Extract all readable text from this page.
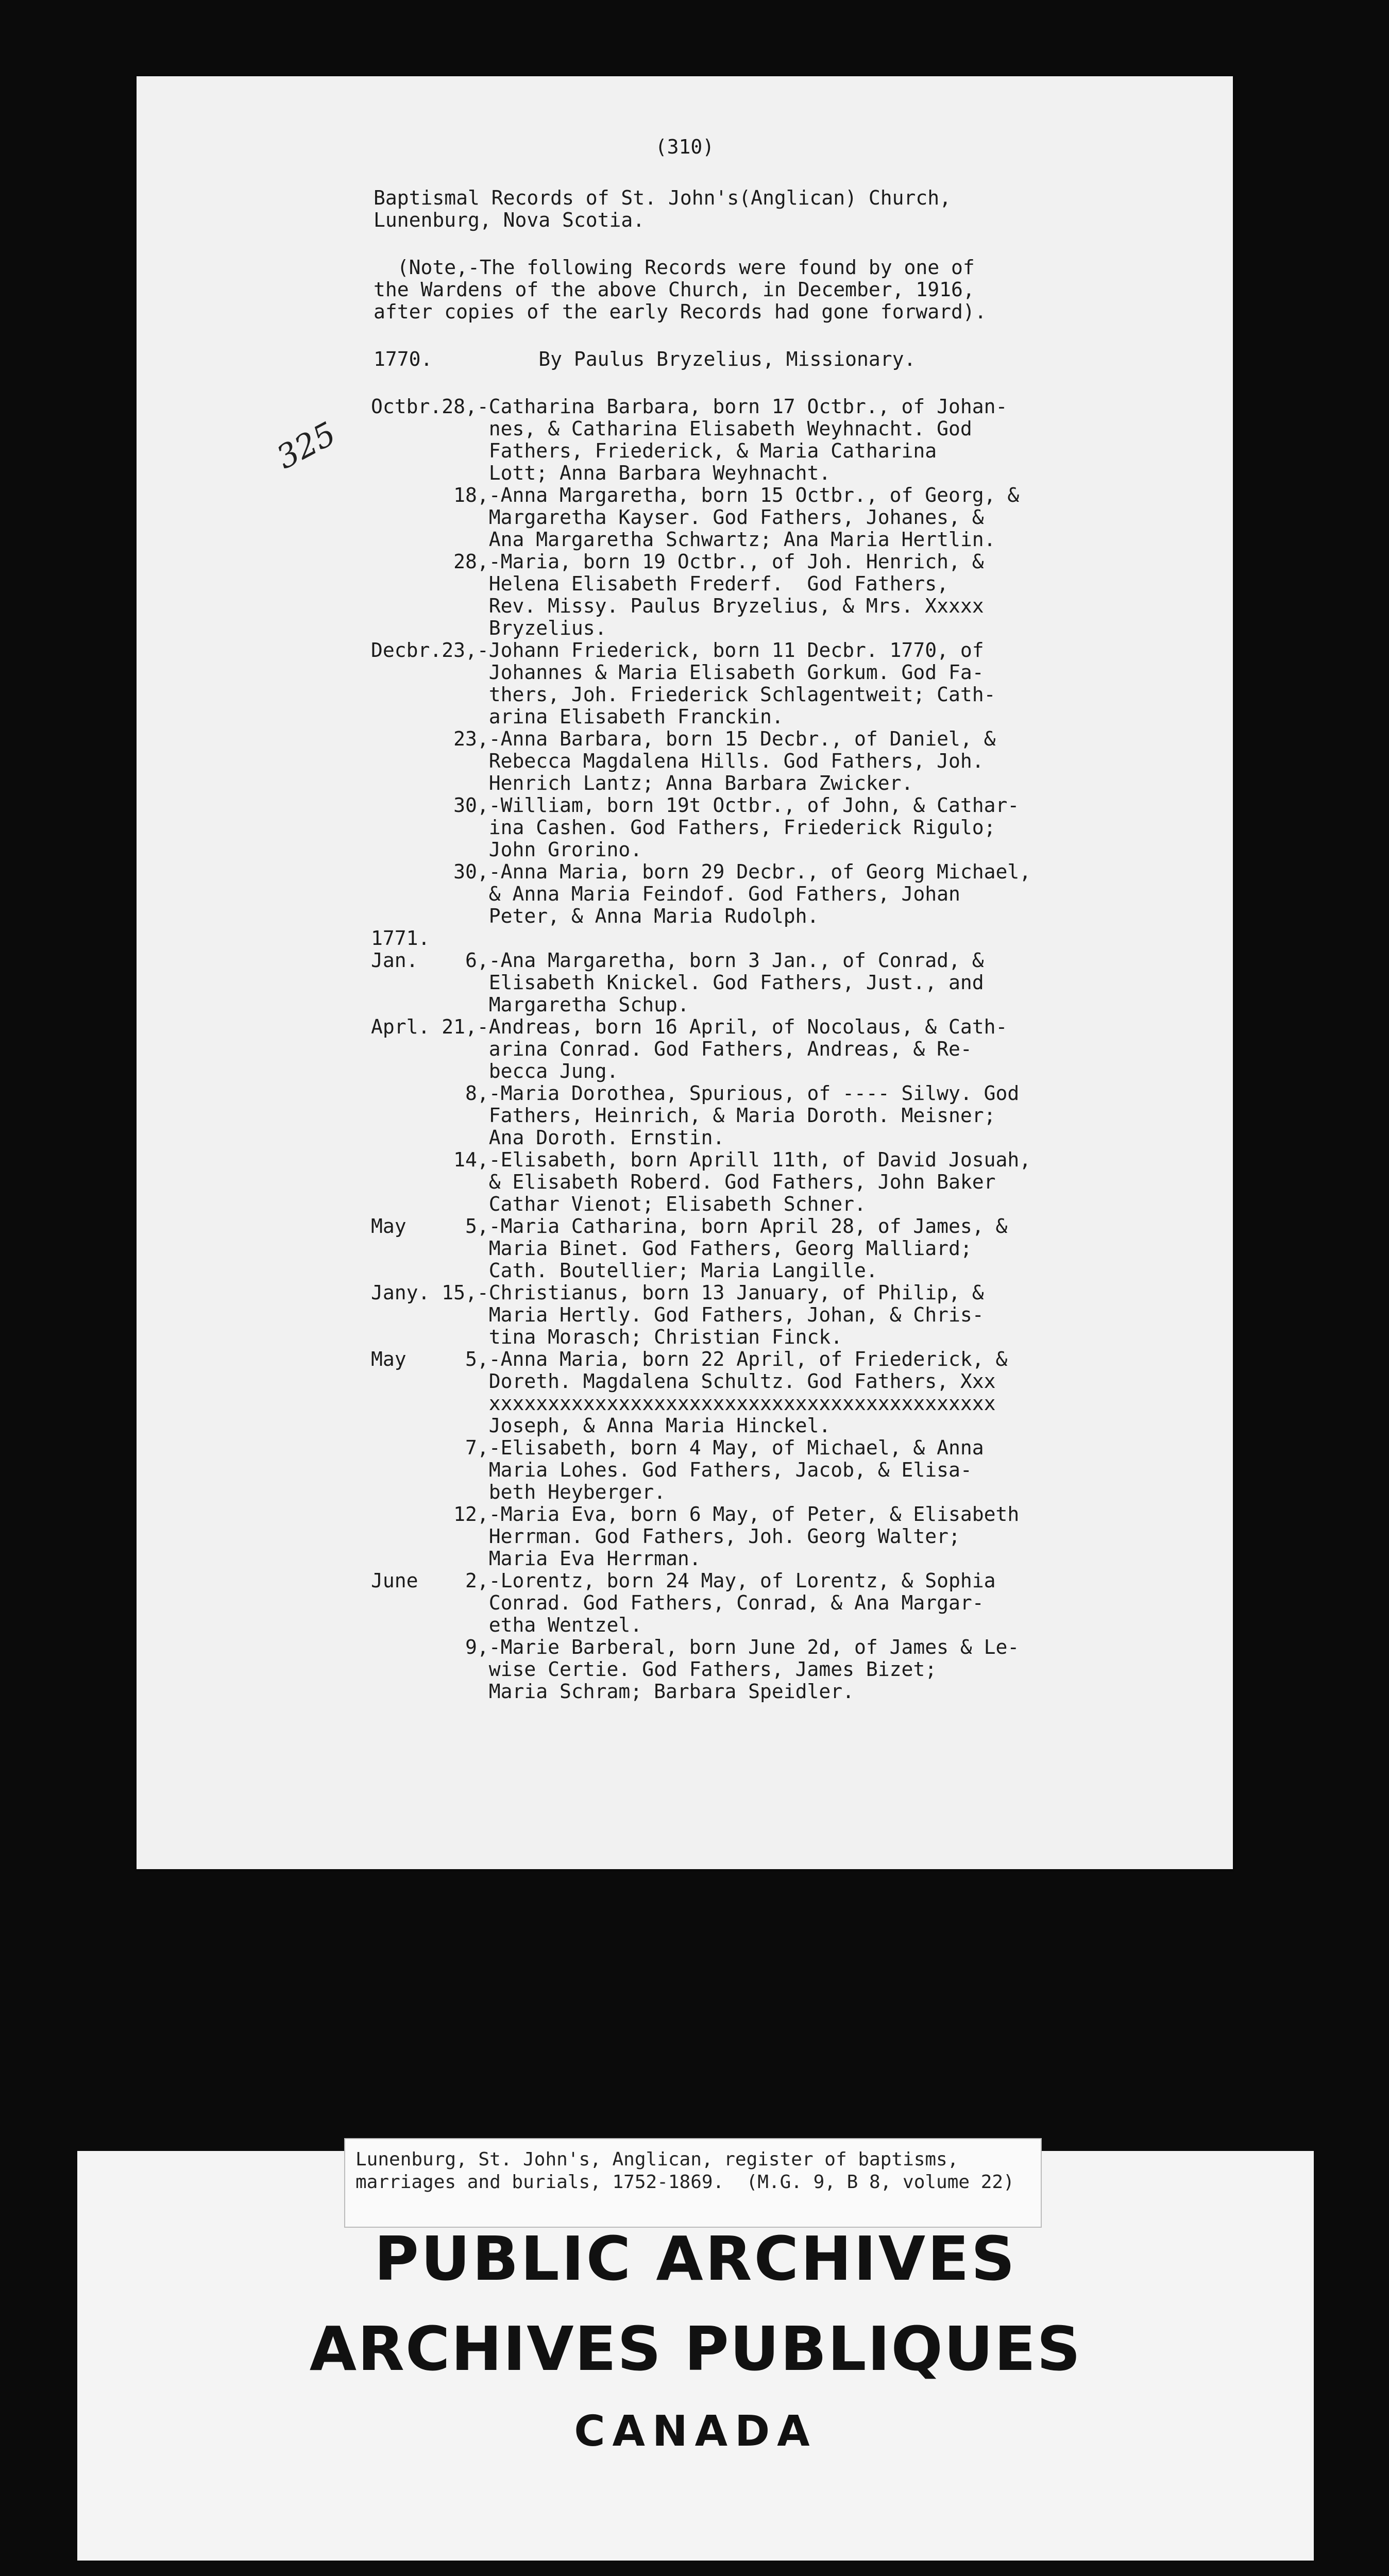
(310)
325
Baptismal Records of St. John's(Anglican) Church,
Lunenburg, Nova Scotia.
(Note,-The following Records were found by one of
the Wardens of the above Church, in December, 1916,
after copies of the early Records had gone forward).
1770.         By Paulus Bryzelius, Missionary.
Octbr.28,-Catharina Barbara, born 17 Octbr., of Johan-
nes, & Catharina Elisabeth Weyhnacht. God
Fathers, Friederick, & Maria Catharina
Lott; Anna Barbara Weyhnacht.
18,-Anna Margaretha, born 15 Octbr., of Georg, &
Margaretha Kayser. God Fathers, Johanes, &
Ana Margaretha Schwartz; Ana Maria Hertlin.
28,-Maria, born 19 Octbr., of Joh. Henrich, &
Helena Elisabeth Frederf.  God Fathers,
Rev. Missy. Paulus Bryzelius, & Mrs. Xxxxx
Bryzelius.
Decbr.23,-Johann Friederick, born 11 Decbr. 1770, of
Johannes & Maria Elisabeth Gorkum. God Fa-
thers, Joh. Friederick Schlagentweit; Cath-
arina Elisabeth Franckin.
23,-Anna Barbara, born 15 Decbr., of Daniel, &
Rebecca Magdalena Hills. God Fathers, Joh.
Henrich Lantz; Anna Barbara Zwicker.
30,-William, born 19t Octbr., of John, & Cathar-
ina Cashen. God Fathers, Friederick Rigulo;
John Grorino.
30,-Anna Maria, born 29 Decbr., of Georg Michael,
& Anna Maria Feindof. God Fathers, Johan
Peter, & Anna Maria Rudolph.
1771.
Jan.    6,-Ana Margaretha, born 3 Jan., of Conrad, &
Elisabeth Knickel. God Fathers, Just., and
Margaretha Schup.
Aprl. 21,-Andreas, born 16 April, of Nocolaus, & Cath-
arina Conrad. God Fathers, Andreas, & Re-
becca Jung.
8,-Maria Dorothea, Spurious, of ---- Silwy. God
Fathers, Heinrich, & Maria Doroth. Meisner;
Ana Doroth. Ernstin.
14,-Elisabeth, born Aprill 11th, of David Josuah,
& Elisabeth Roberd. God Fathers, John Baker
Cathar Vienot; Elisabeth Schner.
May     5,-Maria Catharina, born April 28, of James, &
Maria Binet. God Fathers, Georg Malliard;
Cath. Boutellier; Maria Langille.
Jany. 15,-Christianus, born 13 January, of Philip, &
Maria Hertly. God Fathers, Johan, & Chris-
tina Morasch; Christian Finck.
May     5,-Anna Maria, born 22 April, of Friederick, &
Doreth. Magdalena Schultz. God Fathers, Xxx
xxxxxxxxxxxxxxxxxxxxxxxxxxxxxxxxxxxxxxxxxxx
Joseph, & Anna Maria Hinckel.
7,-Elisabeth, born 4 May, of Michael, & Anna
Maria Lohes. God Fathers, Jacob, & Elisa-
beth Heyberger.
12,-Maria Eva, born 6 May, of Peter, & Elisabeth
Herrman. God Fathers, Joh. Georg Walter;
Maria Eva Herrman.
June    2,-Lorentz, born 24 May, of Lorentz, & Sophia
Conrad. God Fathers, Conrad, & Ana Margar-
etha Wentzel.
9,-Marie Barberal, born June 2d, of James & Le-
wise Certie. God Fathers, James Bizet;
Maria Schram; Barbara Speidler.
Lunenburg, St. John's, Anglican, register of baptisms,
marriages and burials, 1752-1869.  (M.G. 9, B 8, volume 22)
PUBLIC ARCHIVES
ARCHIVES PUBLIQUES
CANADA
